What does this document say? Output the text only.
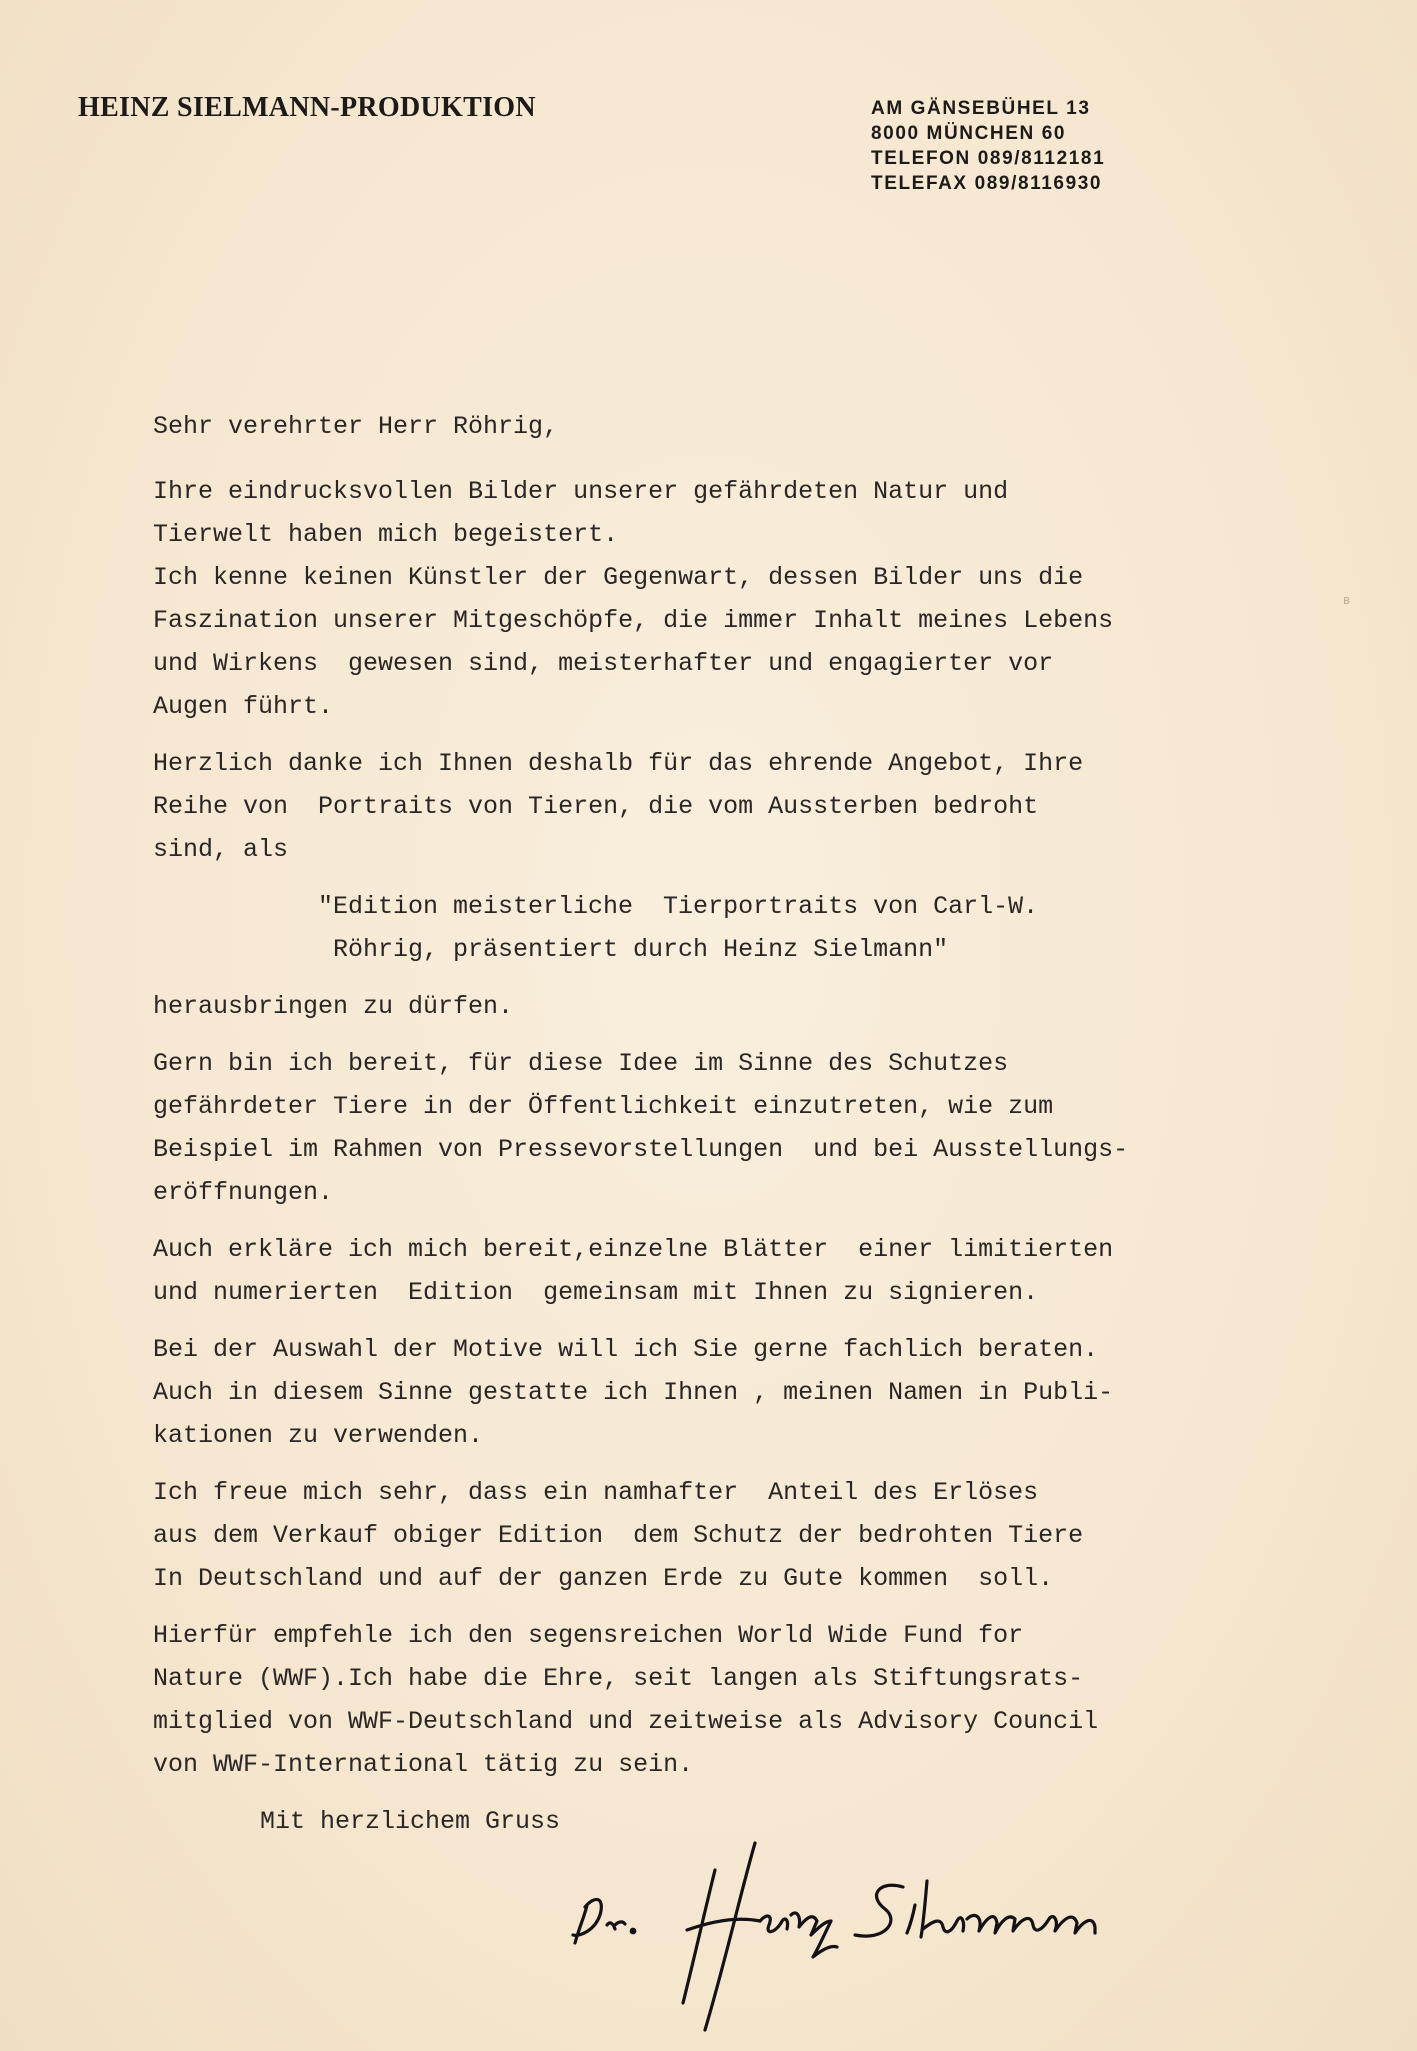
HEINZ SIELMANN-PRODUKTION	AM GÄNSEBÜHEL 13
8000 MÜNCHEN 60
TELEFON 089/8112181
TELEFAX 089/8116930
ʙ
Sehr verehrter Herr Röhrig,
Ihre eindrucksvollen Bilder unserer gefährdeten Natur und
Tierwelt haben mich begeistert.
Ich kenne keinen Künstler der Gegenwart, dessen Bilder uns die
Faszination unserer Mitgeschöpfe, die immer Inhalt meines Lebens
und Wirkens  gewesen sind, meisterhafter und engagierter vor
Augen führt.
Herzlich danke ich Ihnen deshalb für das ehrende Angebot, Ihre
Reihe von  Portraits von Tieren, die vom Aussterben bedroht
sind, als
"Edition meisterliche  Tierportraits von Carl-W.
Röhrig, präsentiert durch Heinz Sielmann"
herausbringen zu dürfen.
Gern bin ich bereit, für diese Idee im Sinne des Schutzes
gefährdeter Tiere in der Öffentlichkeit einzutreten, wie zum
Beispiel im Rahmen von Pressevorstellungen  und bei Ausstellungs-
eröffnungen.
Auch erkläre ich mich bereit,einzelne Blätter  einer limitierten
und numerierten  Edition  gemeinsam mit Ihnen zu signieren.
Bei der Auswahl der Motive will ich Sie gerne fachlich beraten.
Auch in diesem Sinne gestatte ich Ihnen , meinen Namen in Publi-
kationen zu verwenden.
Ich freue mich sehr, dass ein namhafter  Anteil des Erlöses
aus dem Verkauf obiger Edition  dem Schutz der bedrohten Tiere
In Deutschland und auf der ganzen Erde zu Gute kommen  soll.
Hierfür empfehle ich den segensreichen World Wide Fund for
Nature (WWF).Ich habe die Ehre, seit langen als Stiftungsrats-
mitglied von WWF-Deutschland und zeitweise als Advisory Council
von WWF-International tätig zu sein.
Mit herzlichem Gruss
